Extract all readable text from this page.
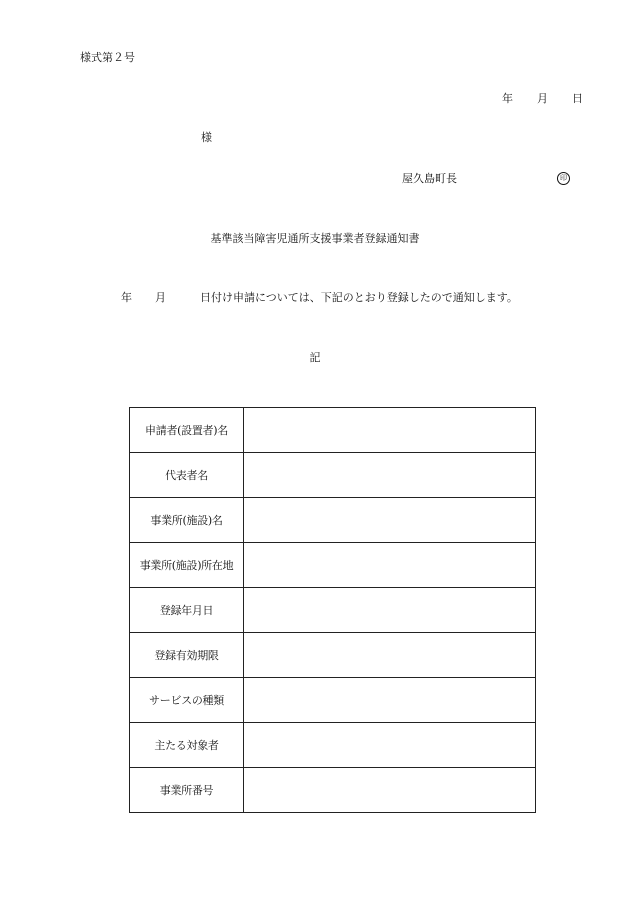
様式第２号
年 月 日
様
屋久島町長	印
基準該当障害児通所支援事業者登録通知書
年 月	日付け申請については、下記のとおり登録したので通知します。
記
申請者(設置者)名	
代表者名	
事業所(施設)名	
事業所(施設)所在地	
登録年月日	
登録有効期限	
サービスの種類	
主たる対象者	
事業所番号	
